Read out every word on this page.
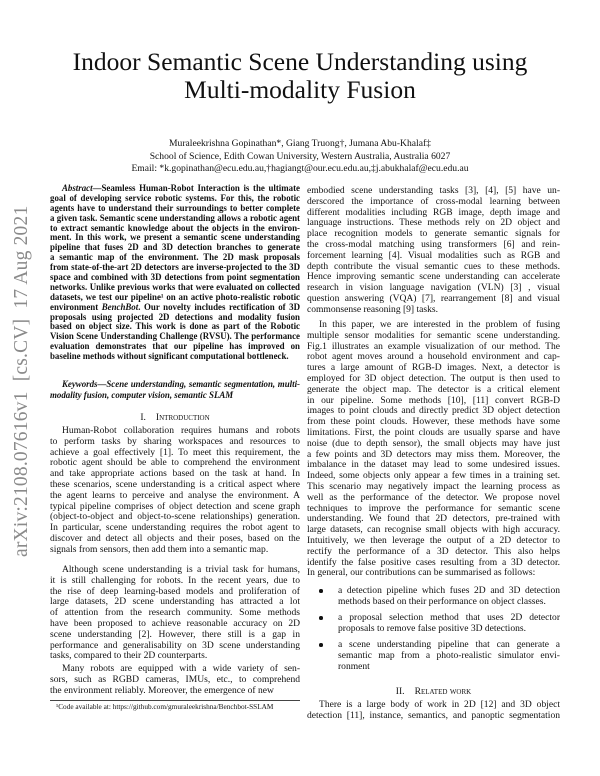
arXiv:2108.07616v1  [cs.CV]  17 Aug 2021
Indoor Semantic Scene Understanding using
Multi-modality Fusion
Muraleekrishna Gopinathan*, Giang Truong†, Jumana Abu-Khalaf‡
School of Science, Edith Cowan University, Western Australia, Australia 6027
Email: *k.gopinathan@ecu.edu.au,†hagiangt@our.ecu.edu.au,‡j.abukhalaf@ecu.edu.au
Abstract—Seamless Human-Robot Interaction is the ultimate
goal of developing service robotic systems. For this, the robotic
agents have to understand their surroundings to better complete
a given task. Semantic scene understanding allows a robotic agent
to extract semantic knowledge about the objects in the environ-
ment. In this work, we present a semantic scene understanding
pipeline that fuses 2D and 3D detection branches to generate
a semantic map of the environment. The 2D mask proposals
from state-of-the-art 2D detectors are inverse-projected to the 3D
space and combined with 3D detections from point segmentation
networks. Unlike previous works that were evaluated on collected
datasets, we test our pipeline¹ on an active photo-realistic robotic
environment BenchBot. Our novelty includes rectification of 3D
proposals using projected 2D detections and modality fusion
based on object size. This work is done as part of the Robotic
Vision Scene Understanding Challenge (RVSU). The performance
evaluation demonstrates that our pipeline has improved on
baseline methods without significant computational bottleneck.
Keywords—Scene understanding, semantic segmentation, multi-
modality fusion, computer vision, semantic SLAM
I. Introduction
Human-Robot collaboration requires humans and robots
to perform tasks by sharing workspaces and resources to
achieve a goal effectively [1]. To meet this requirement, the
robotic agent should be able to comprehend the environment
and take appropriate actions based on the task at hand. In
these scenarios, scene understanding is a critical aspect where
the agent learns to perceive and analyse the environment. A
typical pipeline comprises of object detection and scene graph
(object-to-object and object-to-scene relationships) generation.
In particular, scene understanding requires the robot agent to
discover and detect all objects and their poses, based on the
signals from sensors, then add them into a semantic map.
Although scene understanding is a trivial task for humans,
it is still challenging for robots. In the recent years, due to
the rise of deep learning-based models and proliferation of
large datasets, 2D scene understanding has attracted a lot
of attention from the research community. Some methods
have been proposed to achieve reasonable accuracy on 2D
scene understanding [2]. However, there still is a gap in
performance and generalisability on 3D scene understanding
tasks, compared to their 2D counterparts.
Many robots are equipped with a wide variety of sen-
sors, such as RGBD cameras, IMUs, etc., to comprehend
the environment reliably. Moreover, the emergence of new
¹Code available at: https://github.com/gmuraleekrishna/Benchbot-SSLAM
embodied scene understanding tasks [3], [4], [5] have un-
derscored the importance of cross-modal learning between
different modalities including RGB image, depth image and
language instructions. These methods rely on 2D object and
place recognition models to generate semantic signals for
the cross-modal matching using transformers [6] and rein-
forcement learning [4]. Visual modalities such as RGB and
depth contribute the visual semantic cues to these methods.
Hence improving semantic scene understanding can accelerate
research in vision language navigation (VLN) [3] , visual
question answering (VQA) [7], rearrangement [8] and visual
commonsense reasoning [9] tasks.
In this paper, we are interested in the problem of fusing
multiple sensor modalities for semantic scene understanding.
Fig.1 illustrates an example visualization of our method. The
robot agent moves around a household environment and cap-
tures a large amount of RGB-D images. Next, a detector is
employed for 3D object detection. The output is then used to
generate the object map. The detector is a critical element
in our pipeline. Some methods [10], [11] convert RGB-D
images to point clouds and directly predict 3D object detection
from these point clouds. However, these methods have some
limitations. First, the point clouds are usually sparse and have
noise (due to depth sensor), the small objects may have just
a few points and 3D detectors may miss them. Moreover, the
imbalance in the dataset may lead to some undesired issues.
Indeed, some objects only appear a few times in a training set.
This scenario may negatively impact the learning process as
well as the performance of the detector. We propose novel
techniques to improve the performance for semantic scene
understanding. We found that 2D detectors, pre-trained with
large datasets, can recognise small objects with high accuracy.
Intuitively, we then leverage the output of a 2D detector to
rectify the performance of a 3D detector. This also helps
identify the false positive cases resulting from a 3D detector.
In general, our contributions can be summarised as follows:
a detection pipeline which fuses 2D and 3D detection
methods based on their performance on object classes.
a proposal selection method that uses 2D detector
proposals to remove false positive 3D detections.
a scene understanding pipeline that can generate a
semantic map from a photo-realistic simulator envi-
ronment
II. Related work
There is a large body of work in 2D [12] and 3D object
detection [11], instance, semantics, and panoptic segmentation
